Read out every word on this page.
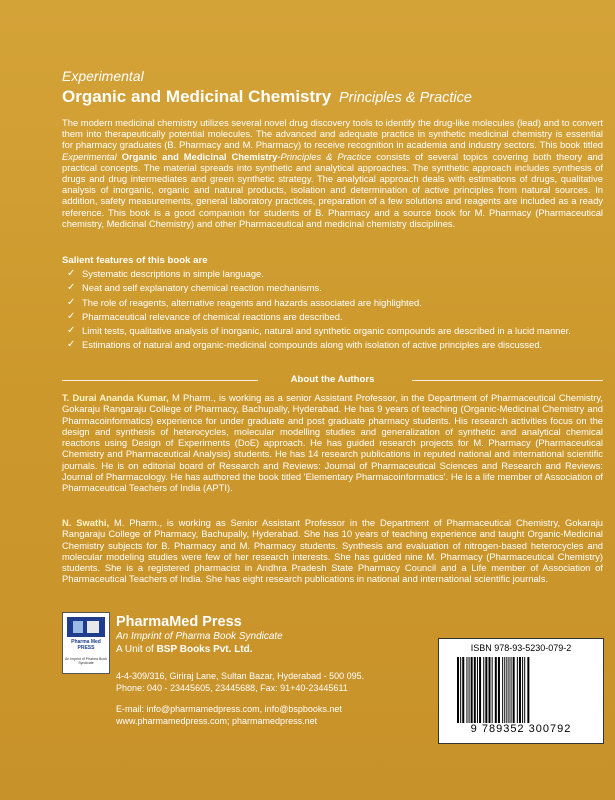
Experimental
Organic and Medicinal Chemistry Principles & Practice
The modern medicinal chemistry utilizes several novel drug discovery tools to identify the drug-like molecules (lead) and to convert them into therapeutically potential molecules. The advanced and adequate practice in synthetic medicinal chemistry is essential for pharmacy graduates (B. Pharmacy and M. Pharmacy) to receive recognition in academia and industry sectors. This book titled Experimental Organic and Medicinal Chemistry-Principles & Practice consists of several topics covering both theory and practical concepts. The material spreads into synthetic and analytical approaches. The synthetic approach includes synthesis of drugs and drug intermediates and green synthetic strategy. The analytical approach deals with estimations of drugs, qualitative analysis of inorganic, organic and natural products, isolation and determination of active principles from natural sources. In addition, safety measurements, general laboratory practices, preparation of a few solutions and reagents are included as a ready reference. This book is a good companion for students of B. Pharmacy and a source book for M. Pharmacy (Pharmaceutical chemistry, Medicinal Chemistry) and other Pharmaceutical and medicinal chemistry disciplines.
Salient features of this book are
✓ Systematic descriptions in simple language.
✓ Neat and self explanatory chemical reaction mechanisms.
✓ The role of reagents, alternative reagents and hazards associated are highlighted.
✓ Pharmaceutical relevance of chemical reactions are described.
✓ Limit tests, qualitative analysis of inorganic, natural and synthetic organic compounds are described in a lucid manner.
✓ Estimations of natural and organic-medicinal compounds along with isolation of active principles are discussed.
About the Authors
T. Durai Ananda Kumar, M Pharm., is working as a senior Assistant Professor, in the Department of Pharmaceutical Chemistry, Gokaraju Rangaraju College of Pharmacy, Bachupally, Hyderabad. He has 9 years of teaching (Organic-Medicinal Chemistry and Pharmacoinformatics) experience for under graduate and post graduate pharmacy students. His research activities focus on the design and synthesis of heterocycles, molecular modelling studies and generalization of synthetic and analytical chemical reactions using Design of Experiments (DoE) approach. He has guided research projects for M. Pharmacy (Pharmaceutical Chemistry and Pharmaceutical Analysis) students. He has 14 research publications in reputed national and international scientific journals. He is on editorial board of Research and Reviews: Journal of Pharmaceutical Sciences and Research and Reviews: Journal of Pharmacology. He has authored the book titled 'Elementary Pharmacoinformatics'. He is a life member of Association of Pharmaceutical Teachers of India (APTI).
N. Swathi, M. Pharm., is working as Senior Assistant Professor in the Department of Pharmaceutical Chemistry, Gokaraju Rangaraju College of Pharmacy, Bachupally, Hyderabad. She has 10 years of teaching experience and taught Organic-Medicinal Chemistry subjects for B. Pharmacy and M. Pharmacy students. Synthesis and evaluation of nitrogen-based heterocycles and molecular modeling studies were few of her research interests. She has guided nine M. Pharmacy (Pharmaceutical Chemistry) students. She is a registered pharmacist in Andhra Pradesh State Pharmacy Council and a Life member of Association of Pharmaceutical Teachers of India. She has eight research publications in national and international scientific journals.
Pharma Med
PRESS
An Imprint of Pharma Book Syndicate
PharmaMed Press
An Imprint of Pharma Book Syndicate
A Unit of BSP Books Pvt. Ltd.
4-4-309/316, Giriraj Lane, Sultan Bazar, Hyderabad - 500 095.
Phone: 040 - 23445605, 23445688, Fax: 91+40-23445611
E-mail: info@pharmamedpress.com, info@bspbooks.net
www.pharmamedpress.com; pharmamedpress.net
ISBN 978-93-5230-079-2
9 789352 300792
